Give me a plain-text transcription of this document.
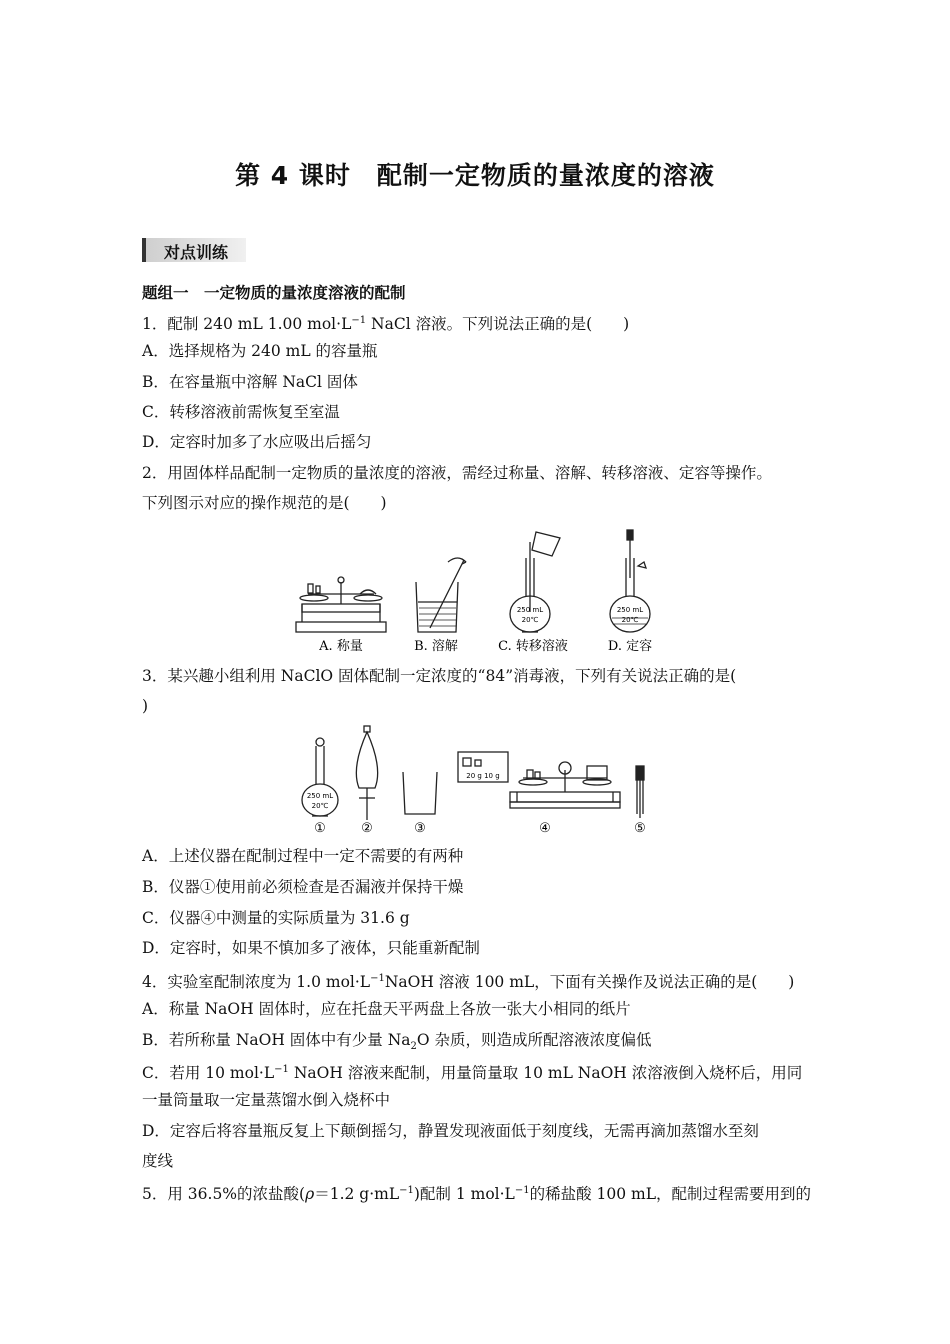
第 4 课时　配制一定物质的量浓度的溶液
对点训练
题组一　一定物质的量浓度溶液的配制
1．配制 240 mL 1.00 $mol\cdot L^{-1}$ NaCl 溶液。下列说法正确的是(　　)
A．选择规格为 240 mL 的容量瓶
B．在容量瓶中溶解 NaCl 固体
C．转移溶液前需恢复至室温
D．定容时加多了水应吸出后摇匀
2．用固体样品配制一定物质的量浓度的溶液，需经过称量、溶解、转移溶液、定容等操作。
下列图示对应的操作规范的是(　　)
250 mL
20℃
250 mL
20℃
A. 称量	B. 溶解	C. 转移溶液	D. 定容
3．某兴趣小组利用 NaClO 固体配制一定浓度的“84”消毒液，下列有关说法正确的是(
)
250 mL
20℃
20 g 10 g
①	②	③	④	⑤
A．上述仪器在配制过程中一定不需要的有两种
B．仪器①使用前必须检查是否漏液并保持干燥
C．仪器④中测量的实际质量为 31.6 g
D．定容时，如果不慎加多了液体，只能重新配制
4．实验室配制浓度为 1.0 $mol\cdot L^{-1}NaOH$ 溶液 100 mL，下面有关操作及说法正确的是(　　)
A．称量 NaOH 固体时，应在托盘天平两盘上各放一张大小相同的纸片
B．若所称量 NaOH 固体中有少量 $Na_2O$ 杂质，则造成所配溶液浓度偏低
C．若用 10 $mol\cdot L^{-1}$ NaOH 溶液来配制，用量筒量取 10 mL NaOH 浓溶液倒入烧杯后，用同
一量筒量取一定量蒸馏水倒入烧杯中
D．定容后将容量瓶反复上下颠倒摇匀，静置发现液面低于刻度线，无需再滴加蒸馏水至刻
度线
5．用 36.5%的浓盐酸(ρ＝1.2 $g\cdot mL^{-1}$)配制 1 $mol\cdot L^{-1}$的稀盐酸 100 mL，配制过程需要用到的
